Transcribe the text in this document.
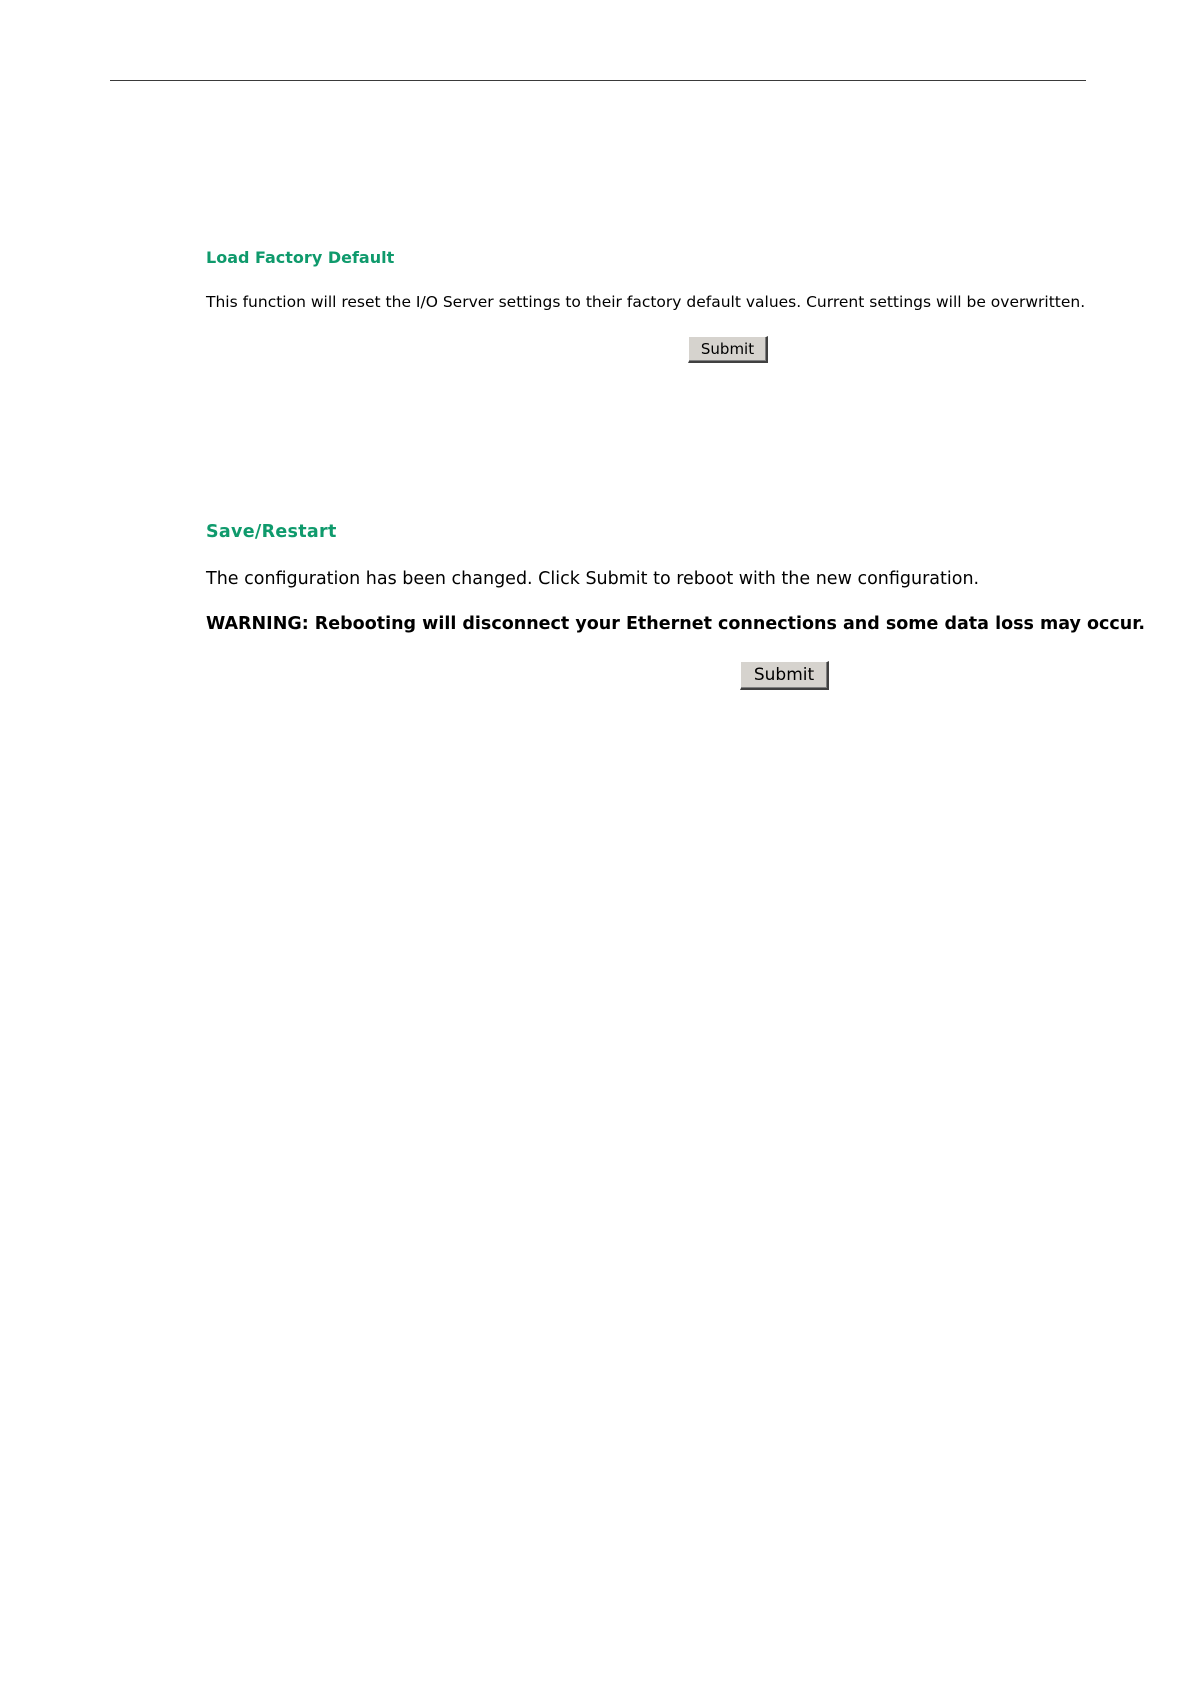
Load Factory Default

This function will reset the I/O Server settings to their factory default values. Current settings will be overwritten.

Submit
Save/Restart

The configuration has been changed. Click Submit to reboot with the new configuration.

WARNING: Rebooting will disconnect your Ethernet connections and some data loss may occur.

Submit
